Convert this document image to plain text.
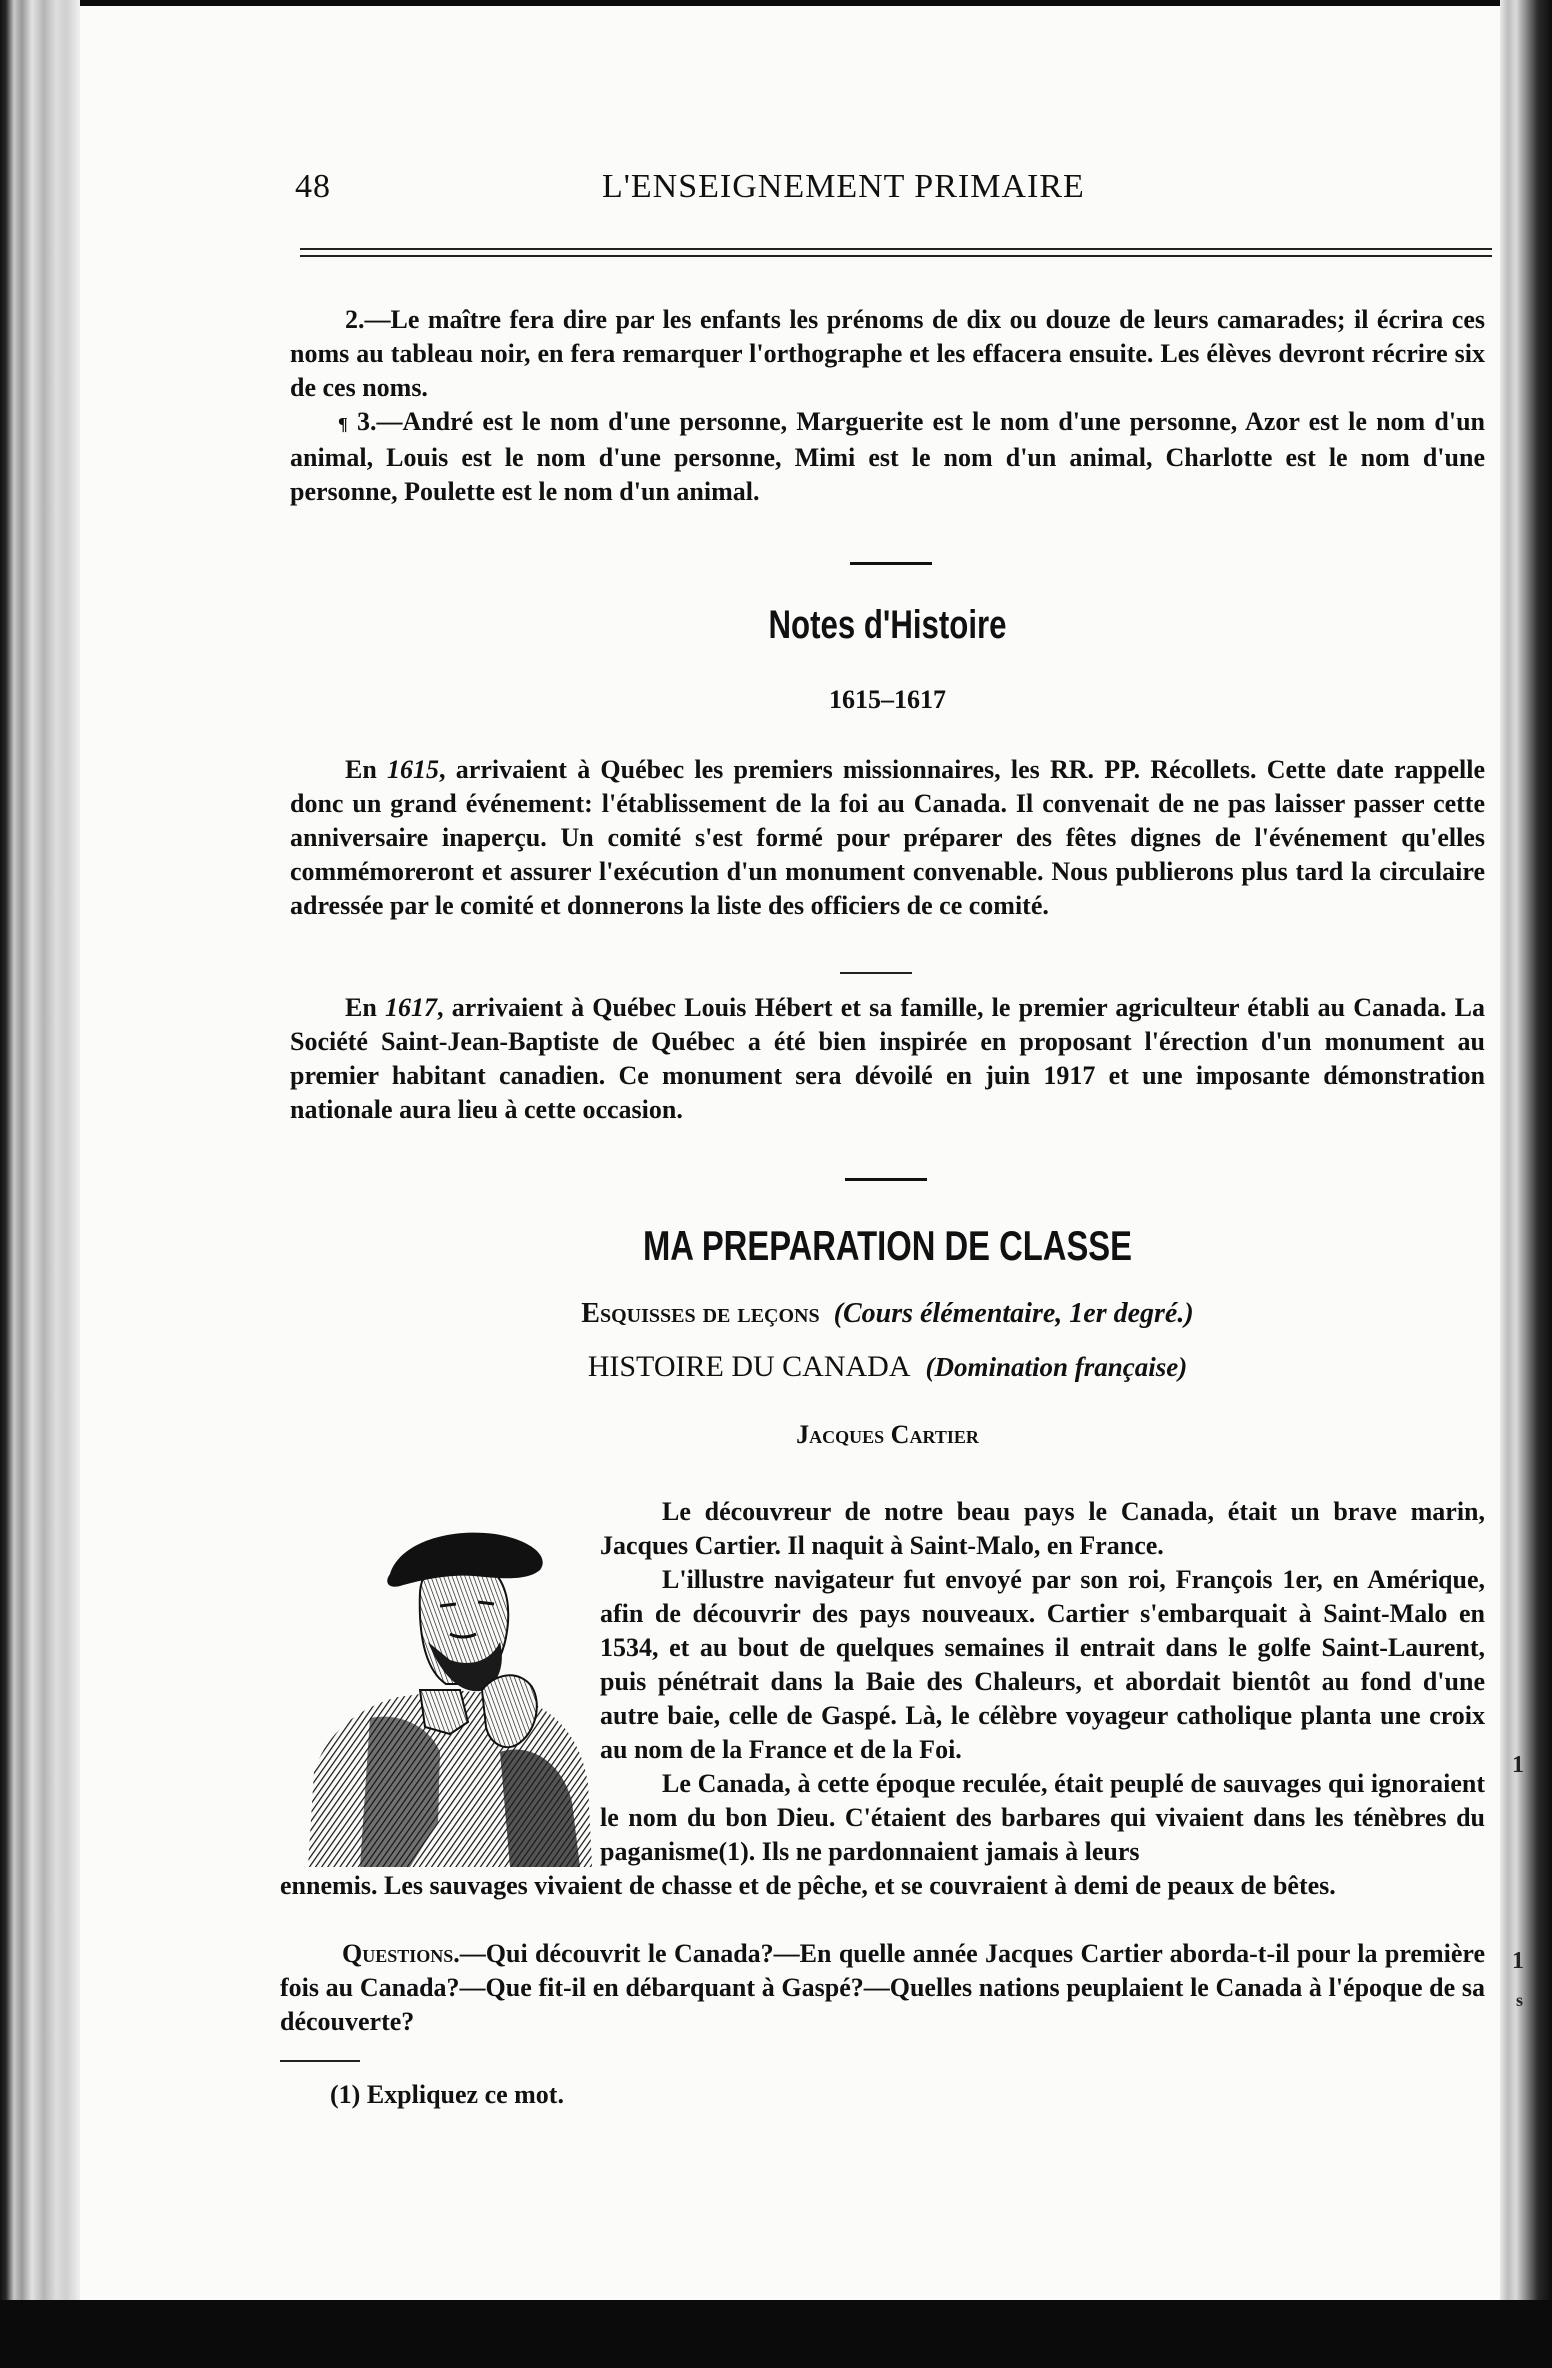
1
1
s
48	L'ENSEIGNEMENT PRIMAIRE

2.—Le maître fera dire par les enfants les prénoms de dix ou douze de leurs camarades; il écrira ces noms au tableau noir, en fera remarquer l'orthographe et les effacera ensuite. Les élèves devront récrire six de ces noms.

¶ 3.—André est le nom d'une personne, Marguerite est le nom d'une personne, Azor est le nom d'un animal, Louis est le nom d'une personne, Mimi est le nom d'un animal, Charlotte est le nom d'une personne, Poulette est le nom d'un animal.

Notes d'Histoire

1615–1617

En 1615, arrivaient à Québec les premiers missionnaires, les RR. PP. Récollets. Cette date rappelle donc un grand événement: l'établissement de la foi au Canada. Il convenait de ne pas laisser passer cette anniversaire inaperçu. Un comité s'est formé pour préparer des fêtes dignes de l'événement qu'elles commémoreront et assurer l'exécution d'un monument convenable. Nous publierons plus tard la circulaire adressée par le comité et donnerons la liste des officiers de ce comité.

En 1617, arrivaient à Québec Louis Hébert et sa famille, le premier agriculteur établi au Canada. La Société Saint-Jean-Baptiste de Québec a été bien inspirée en proposant l'érection d'un monument au premier habitant canadien. Ce monument sera dévoilé en juin 1917 et une imposante démonstration nationale aura lieu à cette occasion.

MA PREPARATION DE CLASSE

Esquisses de leçons (Cours élémentaire, 1er degré.)

HISTOIRE DU CANADA (Domination française)

Jacques Cartier

Le découvreur de notre beau pays le Canada, était un brave marin, Jacques Cartier. Il naquit à Saint-Malo, en France.

L'illustre navigateur fut envoyé par son roi, François 1er, en Amérique, afin de découvrir des pays nouveaux. Cartier s'embarquait à Saint-Malo en 1534, et au bout de quelques semaines il entrait dans le golfe Saint-Laurent, puis pénétrait dans la Baie des Chaleurs, et abordait bientôt au fond d'une autre baie, celle de Gaspé. Là, le célèbre voyageur catholique planta une croix au nom de la France et de la Foi.

Le Canada, à cette époque reculée, était peuplé de sauvages qui ignoraient le nom du bon Dieu. C'étaient des barbares qui vivaient dans les ténèbres du paganisme(1). Ils ne pardonnaient jamais à leurs

ennemis. Les sauvages vivaient de chasse et de pêche, et se couvraient à demi de peaux de bêtes.

Questions.—Qui découvrit le Canada?—En quelle année Jacques Cartier aborda-t-il pour la première fois au Canada?—Que fit-il en débarquant à Gaspé?—Quelles nations peuplaient le Canada à l'époque de sa découverte?

(1) Expliquez ce mot.
